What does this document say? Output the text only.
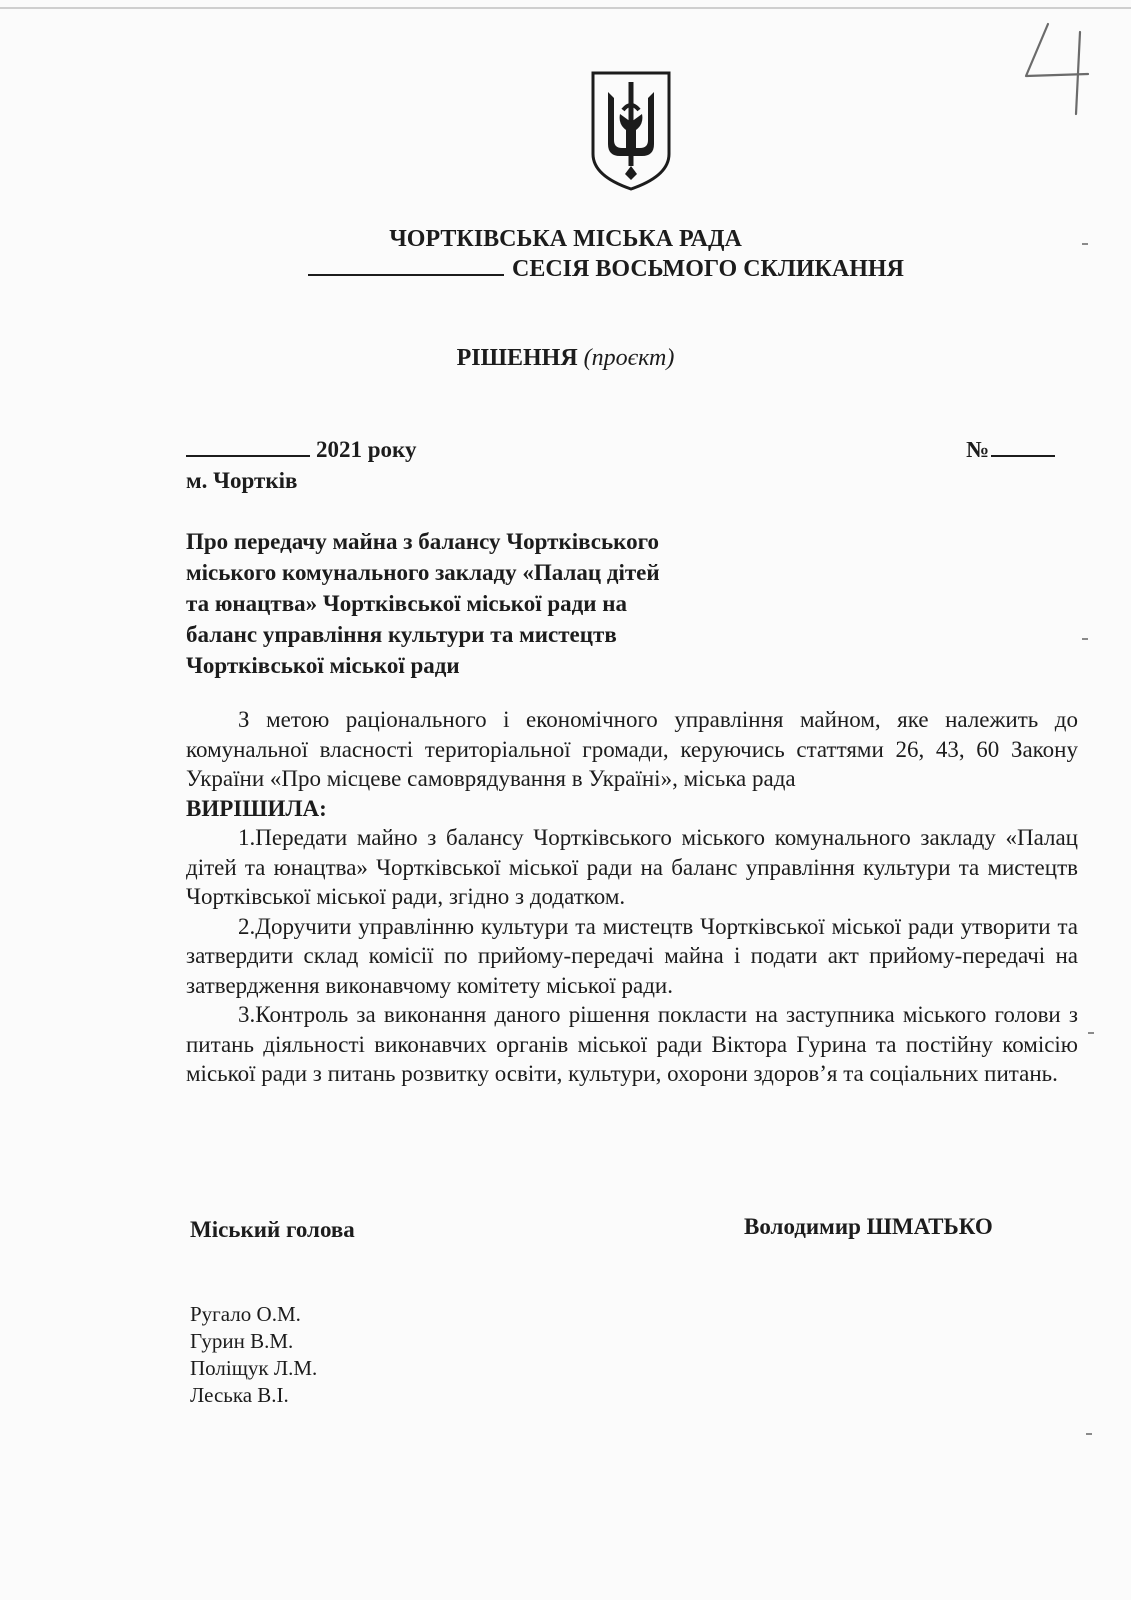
ЧОРТКІВСЬКА МІСЬКА РАДА
СЕСІЯ ВОСЬМОГО СКЛИКАННЯ
РІШЕННЯ (проєкт)
2021 року	№
м. Чортків
Про передачу майна з балансу Чортківського
міського комунального закладу «Палац дітей
та юнацтва» Чортківської міської ради на
баланс управління культури та мистецтв
Чортківської міської ради

З метою раціонального і економічного управління майном, яке належить до комунальної власності територіальної громади, керуючись статтями 26, 43, 60 Закону України «Про місцеве самоврядування в Україні», міська рада

ВИРІШИЛА:

1.Передати майно з балансу Чортківського міського комунального закладу «Палац дітей та юнацтва» Чортківської міської ради на баланс управління культури та мистецтв Чортківської міської ради, згідно з додатком.

2.Доручити управлінню культури та мистецтв Чортківської міської ради утворити та затвердити склад комісії по прийому-передачі майна і подати акт прийому-передачі на затвердження виконавчому комітету міської ради.

3.Контроль за виконання даного рішення покласти на заступника міського голови з питань діяльності виконавчих органів міської ради Віктора Гурина та постійну комісію міської ради з питань розвитку освіти, культури, охорони здоров’я та соціальних питань.

Міський голова	Володимир ШМАТЬКО
Ругало О.М.
Гурин В.М.
Поліщук Л.М.
Леська В.І.
